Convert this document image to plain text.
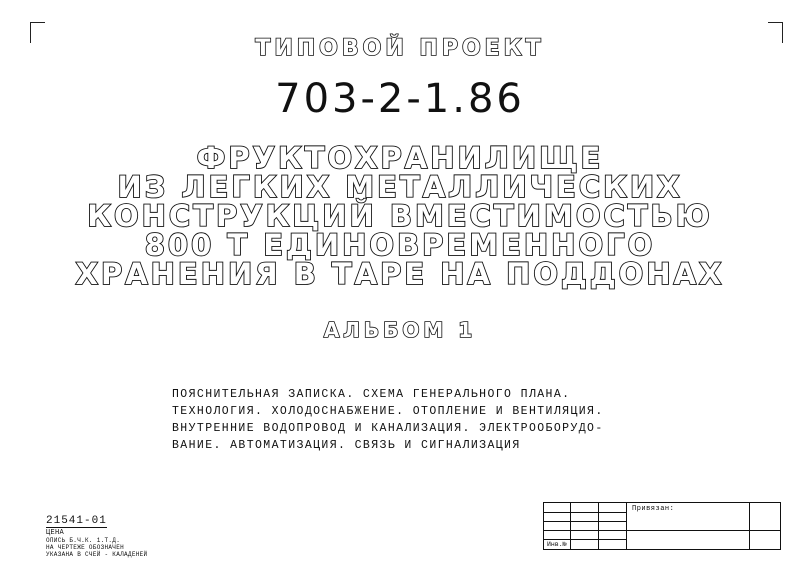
ТИПОВОЙ ПРОЕКТ
703-2-1.86
ФРУКТОХРАНИЛИЩЕ
ИЗ ЛЕГКИХ МЕТАЛЛИЧЕСКИХ
КОНСТРУКЦИЙ ВМЕСТИМОСТЬЮ
800 Т ЕДИНОВРЕМЕННОГО
ХРАНЕНИЯ В ТАРЕ НА ПОДДОНАХ
АЛЬБОМ 1
ПОЯСНИТЕЛЬНАЯ ЗАПИСКА. СХЕМА ГЕНЕРАЛЬНОГО ПЛАНА.
ТЕХНОЛОГИЯ. ХОЛОДОСНАБЖЕНИЕ. ОТОПЛЕНИЕ И ВЕНТИЛЯЦИЯ.
ВНУТРЕННИЕ ВОДОПРОВОД И КАНАЛИЗАЦИЯ. ЭЛЕКТРООБОРУДО-
ВАНИЕ. АВТОМАТИЗАЦИЯ. СВЯЗЬ И СИГНАЛИЗАЦИЯ
21541-01
ЦЕНА
ОПИСЬ Б.Ч.К. 1.Т.Д.
НА ЧЕРТЕЖЕ ОБОЗНАЧЕН
УКАЗАНА В СЧЕЙ - КАЛАДЕНЕЙ
Привязан:
Инв.№
